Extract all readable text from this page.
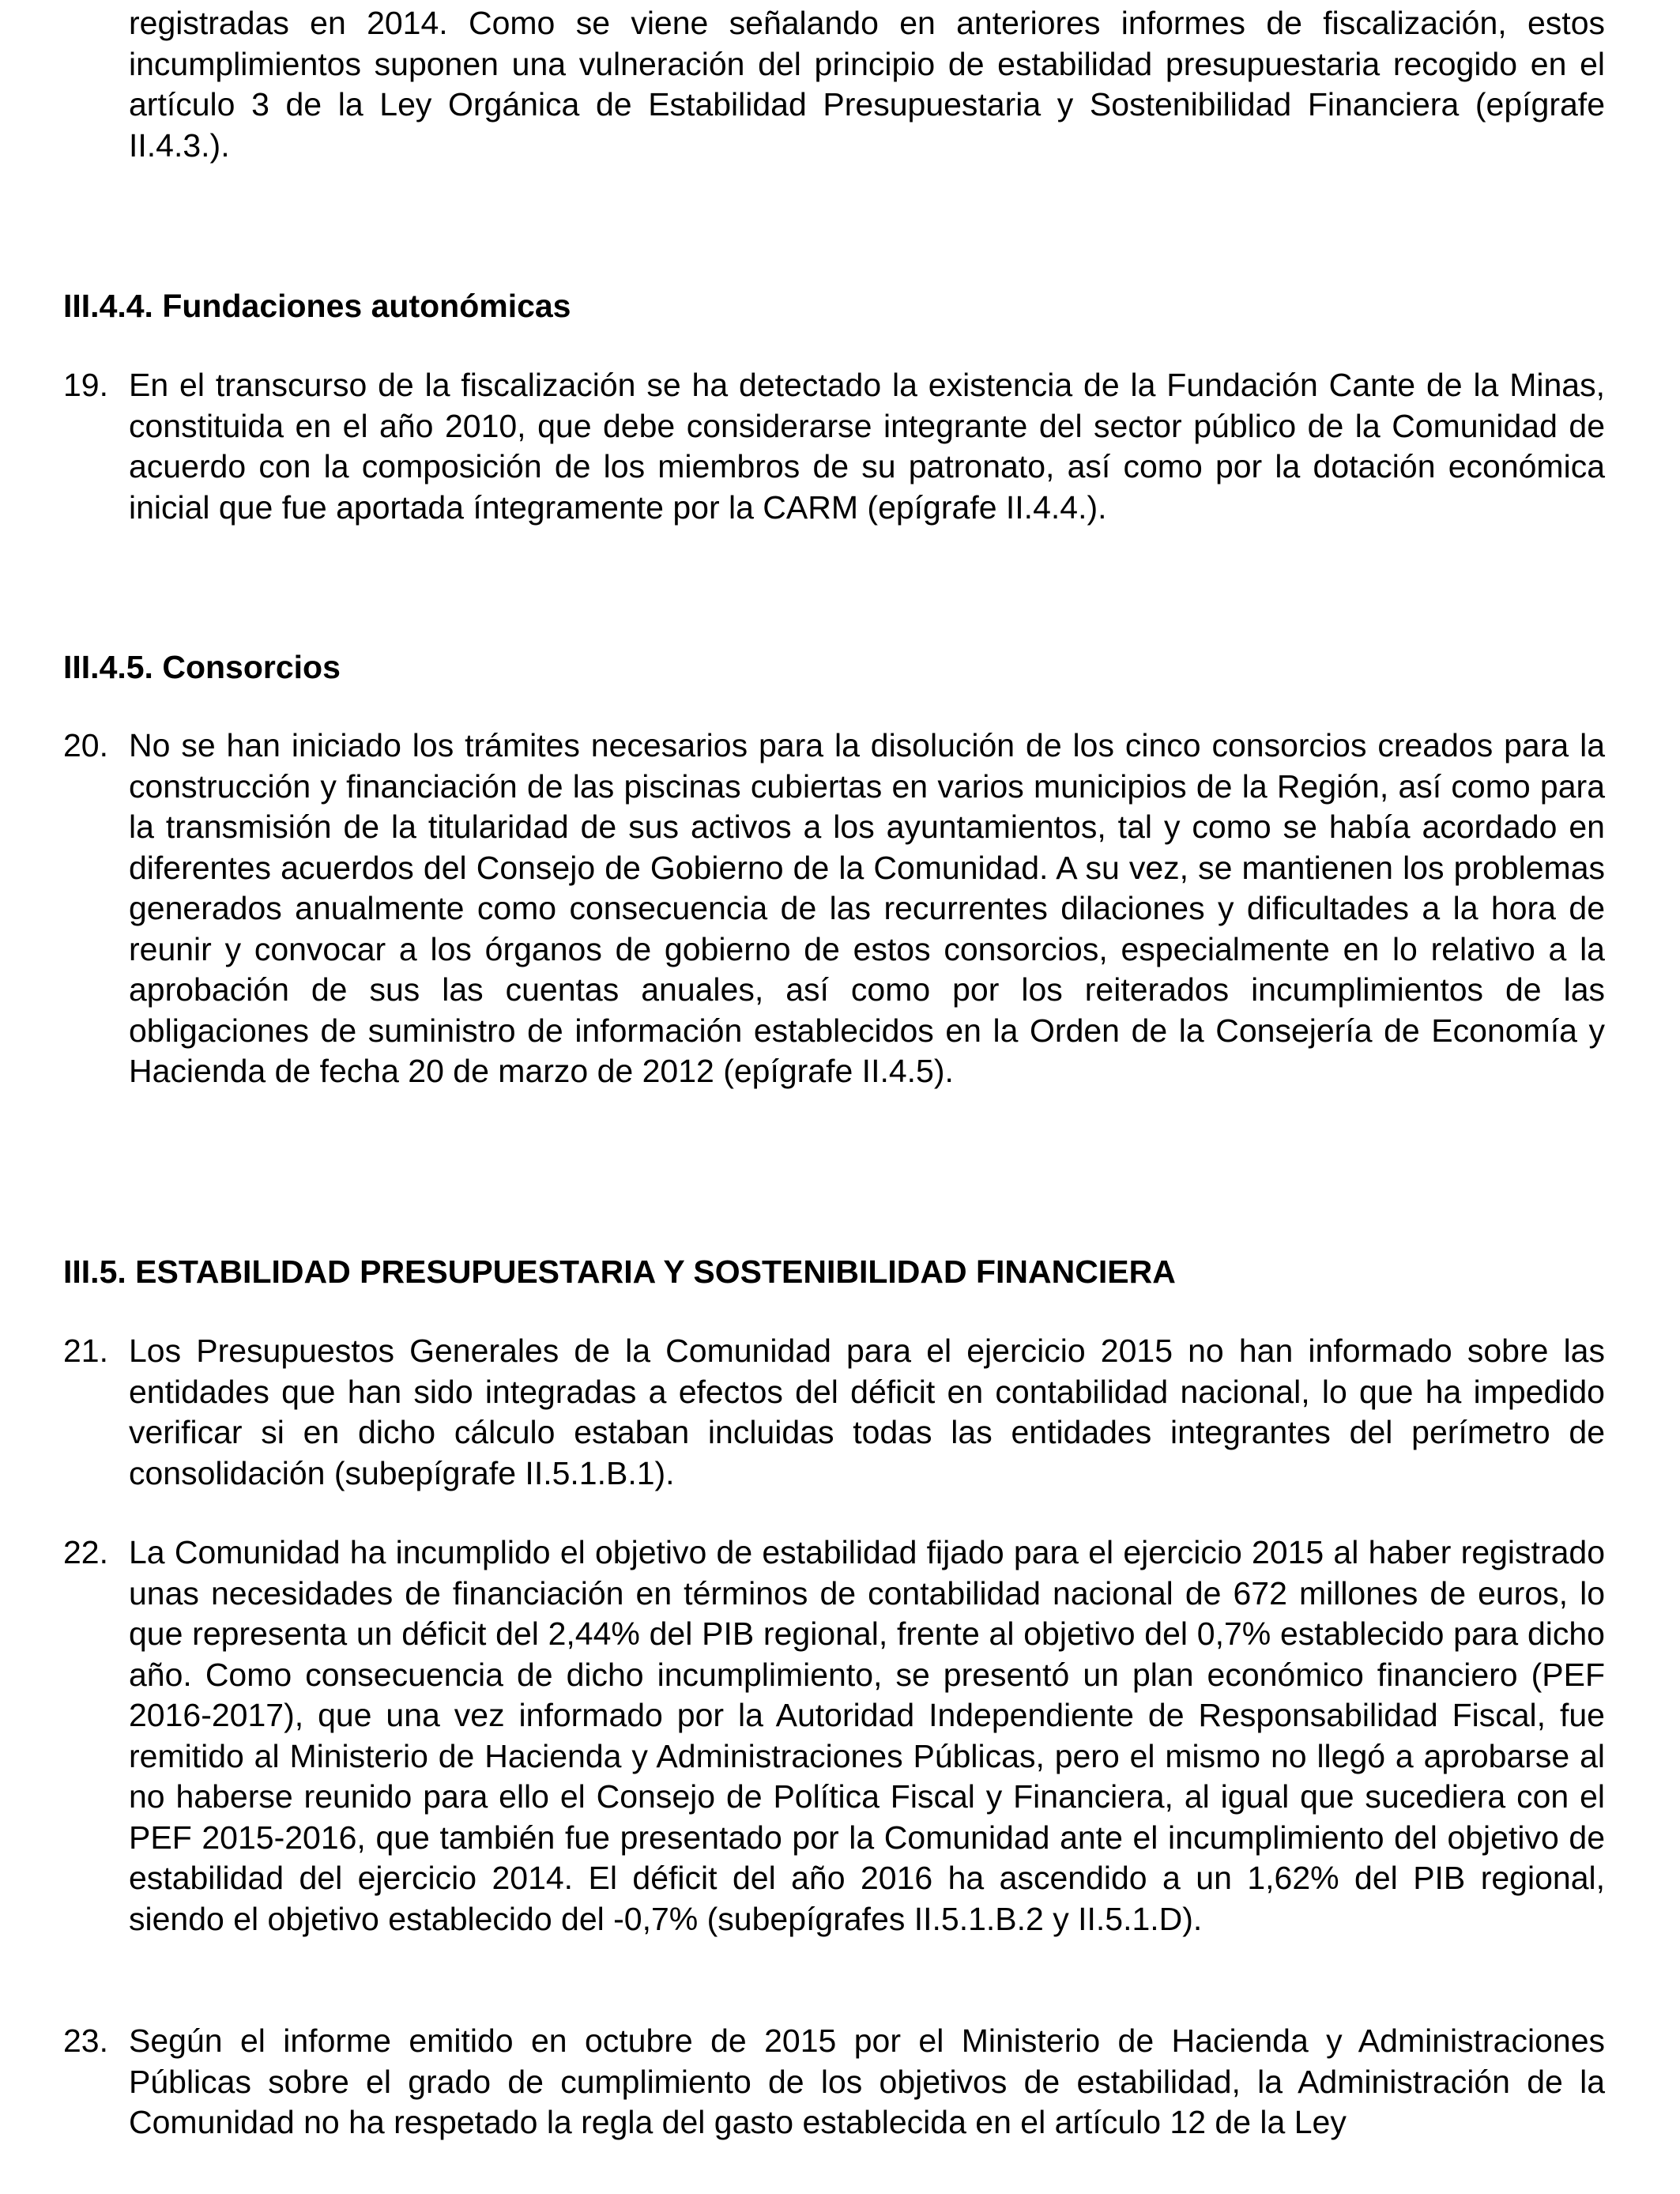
registradas en 2014. Como se viene señalando en anteriores informes de fiscalización, estos incumplimientos suponen una vulneración del principio de estabilidad presupuestaria recogido en el artículo 3 de la Ley Orgánica de Estabilidad Presupuestaria y Sostenibilidad Financiera (epígrafe II.4.3.).

III.4.4. Fundaciones autonómicas
19. En el transcurso de la fiscalización se ha detectado la existencia de la Fundación Cante de la Minas, constituida en el año 2010, que debe considerarse integrante del sector público de la Comunidad de acuerdo con la composición de los miembros de su patronato, así como por la dotación económica inicial que fue aportada íntegramente por la CARM (epígrafe II.4.4.).
III.4.5. Consorcios
20. No se han iniciado los trámites necesarios para la disolución de los cinco consorcios creados para la construcción y financiación de las piscinas cubiertas en varios municipios de la Región, así como para la transmisión de la titularidad de sus activos a los ayuntamientos, tal y como se había acordado en diferentes acuerdos del Consejo de Gobierno de la Comunidad. A su vez, se mantienen los problemas generados anualmente como consecuencia de las recurrentes dilaciones y dificultades a la hora de reunir y convocar a los órganos de gobierno de estos consorcios, especialmente en lo relativo a la aprobación de sus las cuentas anuales, así como por los reiterados incumplimientos de las obligaciones de suministro de información establecidos en la Orden de la Consejería de Economía y Hacienda de fecha 20 de marzo de 2012 (epígrafe II.4.5).
III.5. ESTABILIDAD PRESUPUESTARIA Y SOSTENIBILIDAD FINANCIERA
21. Los Presupuestos Generales de la Comunidad para el ejercicio 2015 no han informado sobre las entidades que han sido integradas a efectos del déficit en contabilidad nacional, lo que ha impedido verificar si en dicho cálculo estaban incluidas todas las entidades integrantes del perímetro de consolidación (subepígrafe II.5.1.B.1).
22. La Comunidad ha incumplido el objetivo de estabilidad fijado para el ejercicio 2015 al haber registrado unas necesidades de financiación en términos de contabilidad nacional de 672 millones de euros, lo que representa un déficit del 2,44% del PIB regional, frente al objetivo del 0,7% establecido para dicho año. Como consecuencia de dicho incumplimiento, se presentó un plan económico financiero (PEF 2016-2017), que una vez informado por la Autoridad Independiente de Responsabilidad Fiscal, fue remitido al Ministerio de Hacienda y Administraciones Públicas, pero el mismo no llegó a aprobarse al no haberse reunido para ello el Consejo de Política Fiscal y Financiera, al igual que sucediera con el PEF 2015-2016, que también fue presentado por la Comunidad ante el incumplimiento del objetivo de estabilidad del ejercicio 2014. El déficit del año 2016 ha ascendido a un 1,62% del PIB regional, siendo el objetivo establecido del -0,7% (subepígrafes II.5.1.B.2 y II.5.1.D).
23. Según el informe emitido en octubre de 2015 por el Ministerio de Hacienda y Administraciones Públicas sobre el grado de cumplimiento de los objetivos de estabilidad, la Administración de la Comunidad no ha respetado la regla del gasto establecida en el artículo 12 de la Ley
